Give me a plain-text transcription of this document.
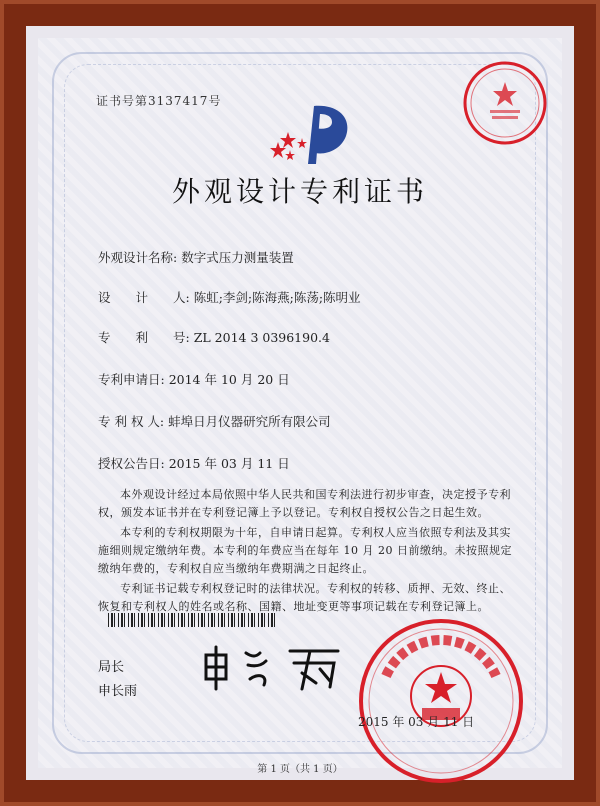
证书号第3137417号
外观设计专利证书
外观设计名称: 数字式压力测量装置
设　　计　　人: 陈虹;李剑;陈海燕;陈荡;陈明业
专　　利　　号: ZL 2014 3 0396190.4
专利申请日: 2014 年 10 月 20 日
专 利 权 人: 蚌埠日月仪器研究所有限公司
授权公告日: 2015 年 03 月 11 日

本外观设计经过本局依照中华人民共和国专利法进行初步审查，决定授予专利权，颁发本证书并在专利登记簿上予以登记。专利权自授权公告之日起生效。

本专利的专利权期限为十年，自申请日起算。专利权人应当依照专利法及其实施细则规定缴纳年费。本专利的年费应当在每年 10 月 20 日前缴纳。未按照规定缴纳年费的，专利权自应当缴纳年费期满之日起终止。

专利证书记载专利权登记时的法律状况。专利权的转移、质押、无效、终止、恢复和专利权人的姓名或名称、国籍、地址变更等事项记载在专利登记簿上。

局长
申长雨
2015 年 03 月 11 日
第 1 页（共 1 页）
